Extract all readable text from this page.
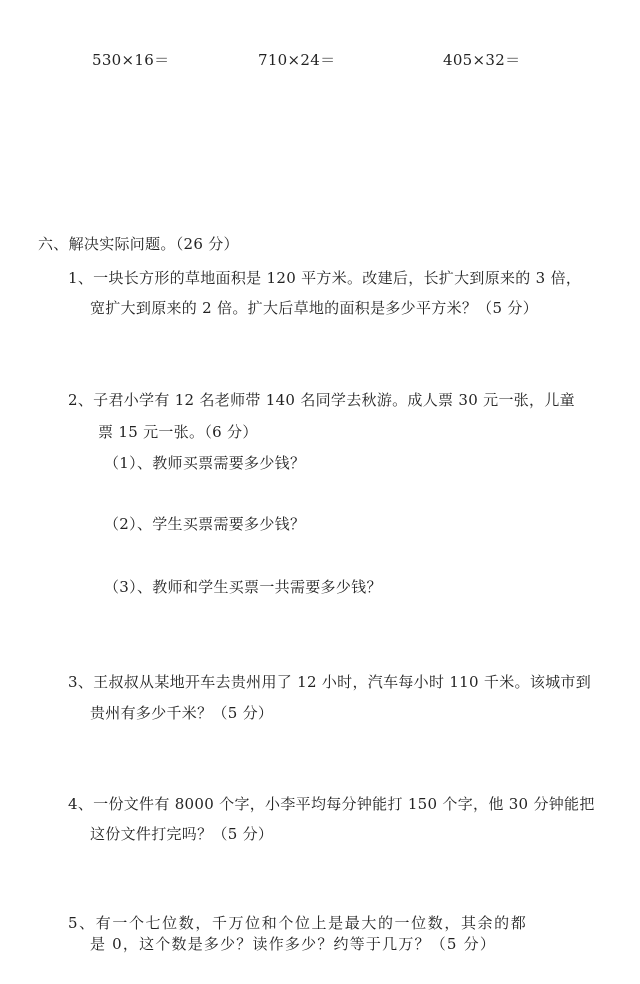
530×16＝	710×24＝	405×32＝
六、解决实际问题。（26 分）
1、一块长方形的草地面积是 120 平方米。改建后，长扩大到原来的 3 倍，
宽扩大到原来的 2 倍。扩大后草地的面积是多少平方米？（5 分）
2、子君小学有 12 名老师带 140 名同学去秋游。成人票 30 元一张，儿童
票 15 元一张。（6 分）
（1）、教师买票需要多少钱？
（2）、学生买票需要多少钱？
（3）、教师和学生买票一共需要多少钱？
3、王叔叔从某地开车去贵州用了 12 小时，汽车每小时 110 千米。该城市到
贵州有多少千米？（5 分）
4、一份文件有 8000 个字，小李平均每分钟能打 150 个字，他 30 分钟能把
这份文件打完吗？（5 分）
5、有一个七位数，千万位和个位上是最大的一位数，其余的都
是 0，这个数是多少？读作多少？约等于几万？（5 分）
